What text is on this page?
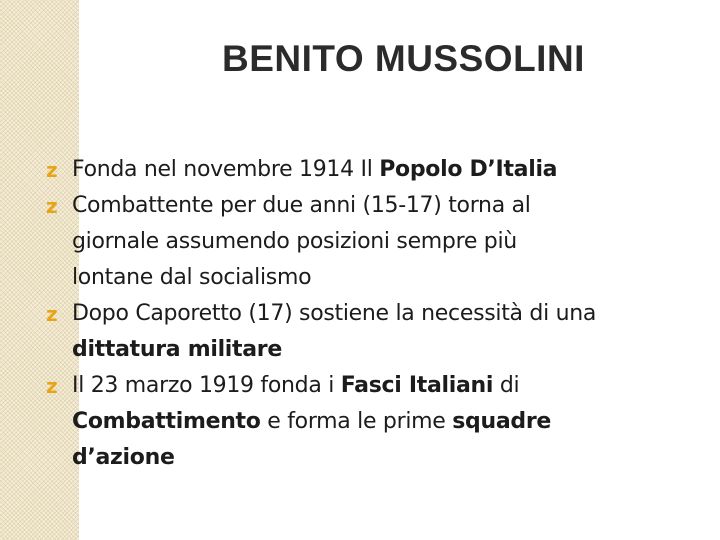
BENITO MUSSOLINI
z Fonda nel novembre 1914 Il Popolo D’Italia
z Combattente per due anni (15-17) torna al
giornale assumendo posizioni sempre più
lontane dal socialismo
z Dopo Caporetto (17) sostiene la necessità di una
dittatura militare
z Il 23 marzo 1919 fonda i Fasci Italiani di
Combattimento e forma le prime squadre
d’azione
